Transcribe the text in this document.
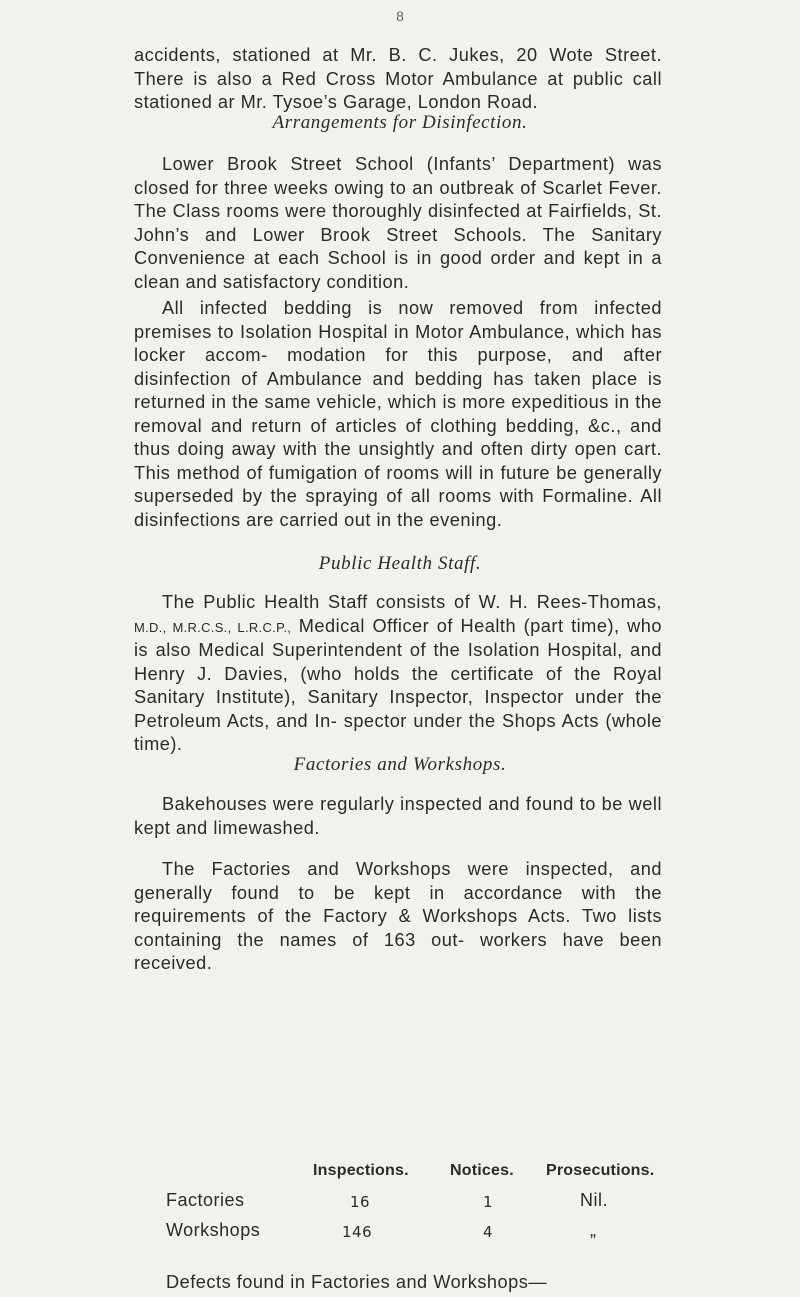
8

accidents, stationed at Mr. B. C. Jukes, 20 Wote Street. There is also a Red Cross Motor Ambulance at public call stationed ar Mr. Tysoe’s Garage, London Road.

Arrangements for Disinfection.

Lower Brook Street School (Infants’ Department) was closed for three weeks owing to an outbreak of Scarlet Fever. The Class rooms were thoroughly disinfected at Fairfields, St. John’s and Lower Brook Street Schools. The Sanitary Convenience at each School is in good order and kept in a clean and satisfactory condition.

All infected bedding is now removed from infected premises to Isolation Hospital in Motor Ambulance, which has locker accom- modation for this purpose, and after disinfection of Ambulance and bedding has taken place is returned in the same vehicle, which is more expeditious in the removal and return of articles of clothing bedding, &c., and thus doing away with the unsightly and often dirty open cart. This method of fumigation of rooms will in future be generally superseded by the spraying of all rooms with Formaline. All disinfections are carried out in the evening.

Public Health Staff.

The Public Health Staff consists of W. H. Rees-Thomas, M.D., M.R.C.S., L.R.C.P., Medical Officer of Health (part time), who is also Medical Superintendent of the Isolation Hospital, and Henry J. Davies, (who holds the certificate of the Royal Sanitary Institute), Sanitary Inspector, Inspector under the Petroleum Acts, and In- spector under the Shops Acts (whole time).

Factories and Workshops.

Bakehouses were regularly inspected and found to be well kept and limewashed.

The Factories and Workshops were inspected, and generally found to be kept in accordance with the requirements of the Factory & Workshops Acts. Two lists containing the names of 163 out- workers have been received.

Inspections.	Notices. Prosecutions.
Factories	16	1	Nil.
Workshops	146	4	„
Defects found in Factories and Workshops—
